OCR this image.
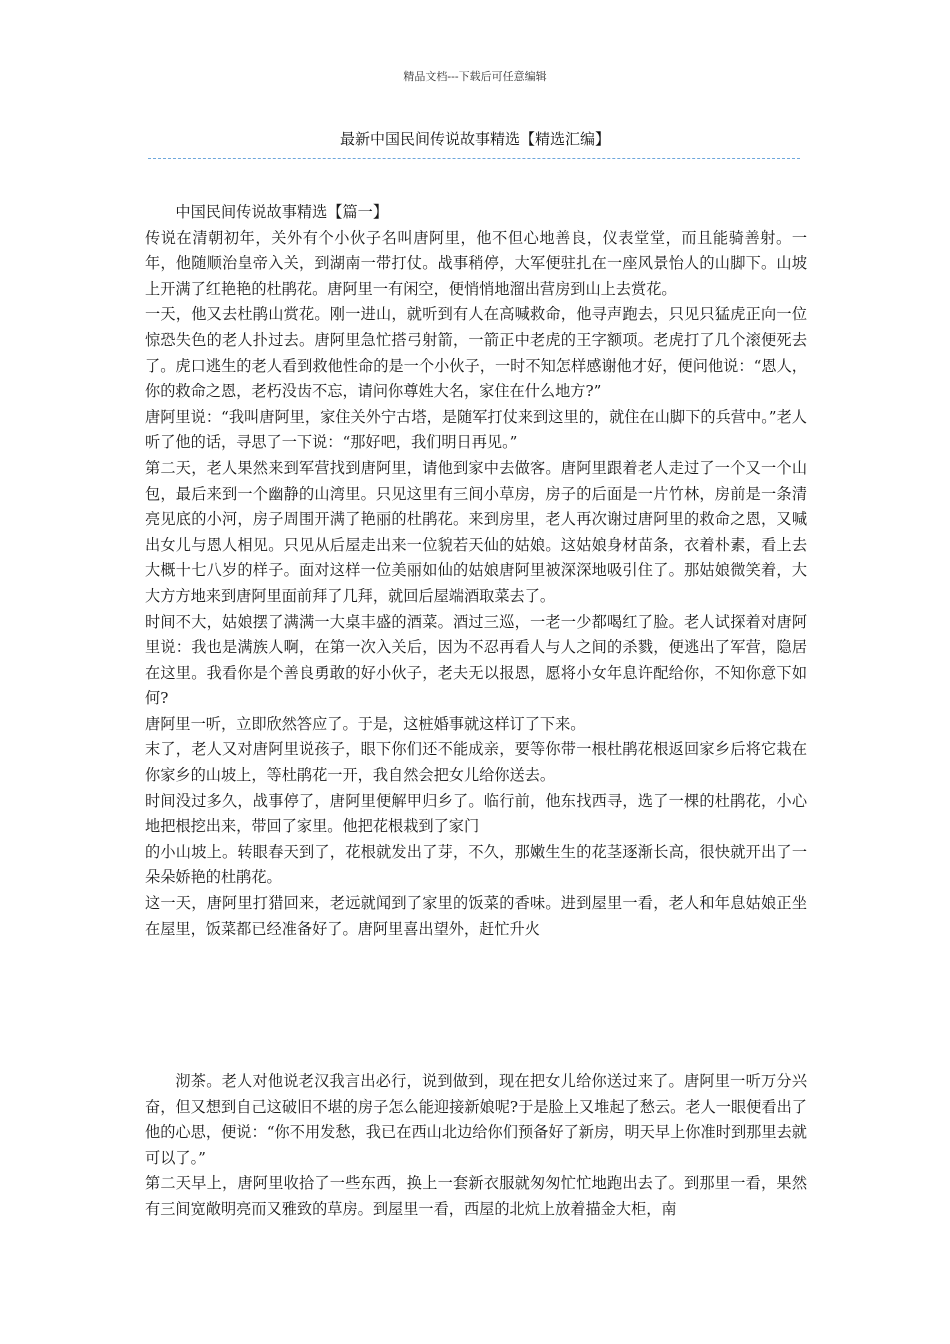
精品文档---下载后可任意编辑
最新中国民间传说故事精选【精选汇编】

中国民间传说故事精选【篇一】

传说在清朝初年，关外有个小伙子名叫唐阿里，他不但心地善良，仪表堂堂，而且能骑善射。一年，他随顺治皇帝入关，到湖南一带打仗。战事稍停，大军便驻扎在一座风景怡人的山脚下。山坡上开满了红艳艳的杜鹃花。唐阿里一有闲空，便悄悄地溜出营房到山上去赏花。

一天，他又去杜鹃山赏花。刚一进山，就听到有人在高喊救命，他寻声跑去，只见只猛虎正向一位惊恐失色的老人扑过去。唐阿里急忙搭弓射箭，一箭正中老虎的王字额项。老虎打了几个滚便死去了。虎口逃生的老人看到救他性命的是一个小伙子，一时不知怎样感谢他才好，便问他说：“恩人，你的救命之恩，老朽没齿不忘，请问你尊姓大名，家住在什么地方?”

唐阿里说：“我叫唐阿里，家住关外宁古塔，是随军打仗来到这里的，就住在山脚下的兵营中。”老人听了他的话，寻思了一下说：“那好吧，我们明日再见。”

第二天，老人果然来到军营找到唐阿里，请他到家中去做客。唐阿里跟着老人走过了一个又一个山包，最后来到一个幽静的山湾里。只见这里有三间小草房，房子的后面是一片竹林，房前是一条清亮见底的小河，房子周围开满了艳丽的杜鹃花。来到房里，老人再次谢过唐阿里的救命之恩，又喊出女儿与恩人相见。只见从后屋走出来一位貌若天仙的姑娘。这姑娘身材苗条，衣着朴素，看上去大概十七八岁的样子。面对这样一位美丽如仙的姑娘唐阿里被深深地吸引住了。那姑娘微笑着，大大方方地来到唐阿里面前拜了几拜，就回后屋端酒取菜去了。

时间不大，姑娘摆了满满一大桌丰盛的酒菜。酒过三巡，一老一少都喝红了脸。老人试探着对唐阿里说：我也是满族人啊，在第一次入关后，因为不忍再看人与人之间的杀戮，便逃出了军营，隐居在这里。我看你是个善良勇敢的好小伙子，老夫无以报恩，愿将小女年息许配给你，不知你意下如何?

唐阿里一听，立即欣然答应了。于是，这桩婚事就这样订了下来。

末了，老人又对唐阿里说孩子，眼下你们还不能成亲，要等你带一根杜鹃花根返回家乡后将它栽在你家乡的山坡上，等杜鹃花一开，我自然会把女儿给你送去。

时间没过多久，战事停了，唐阿里便解甲归乡了。临行前，他东找西寻，选了一棵的杜鹃花，小心地把根挖出来，带回了家里。他把花根栽到了家门

的小山坡上。转眼春天到了，花根就发出了芽，不久，那嫩生生的花茎逐渐长高，很快就开出了一朵朵娇艳的杜鹃花。

这一天，唐阿里打猎回来，老远就闻到了家里的饭菜的香味。进到屋里一看，老人和年息姑娘正坐在屋里，饭菜都已经准备好了。唐阿里喜出望外，赶忙升火

沏茶。老人对他说老汉我言出必行，说到做到，现在把女儿给你送过来了。唐阿里一听万分兴奋，但又想到自己这破旧不堪的房子怎么能迎接新娘呢?于是脸上又堆起了愁云。老人一眼便看出了他的心思，便说：“你不用发愁，我已在西山北边给你们预备好了新房，明天早上你准时到那里去就可以了。”

第二天早上，唐阿里收拾了一些东西，换上一套新衣服就匆匆忙忙地跑出去了。到那里一看，果然有三间宽敞明亮而又雅致的草房。到屋里一看，西屋的北炕上放着描金大柜，南
